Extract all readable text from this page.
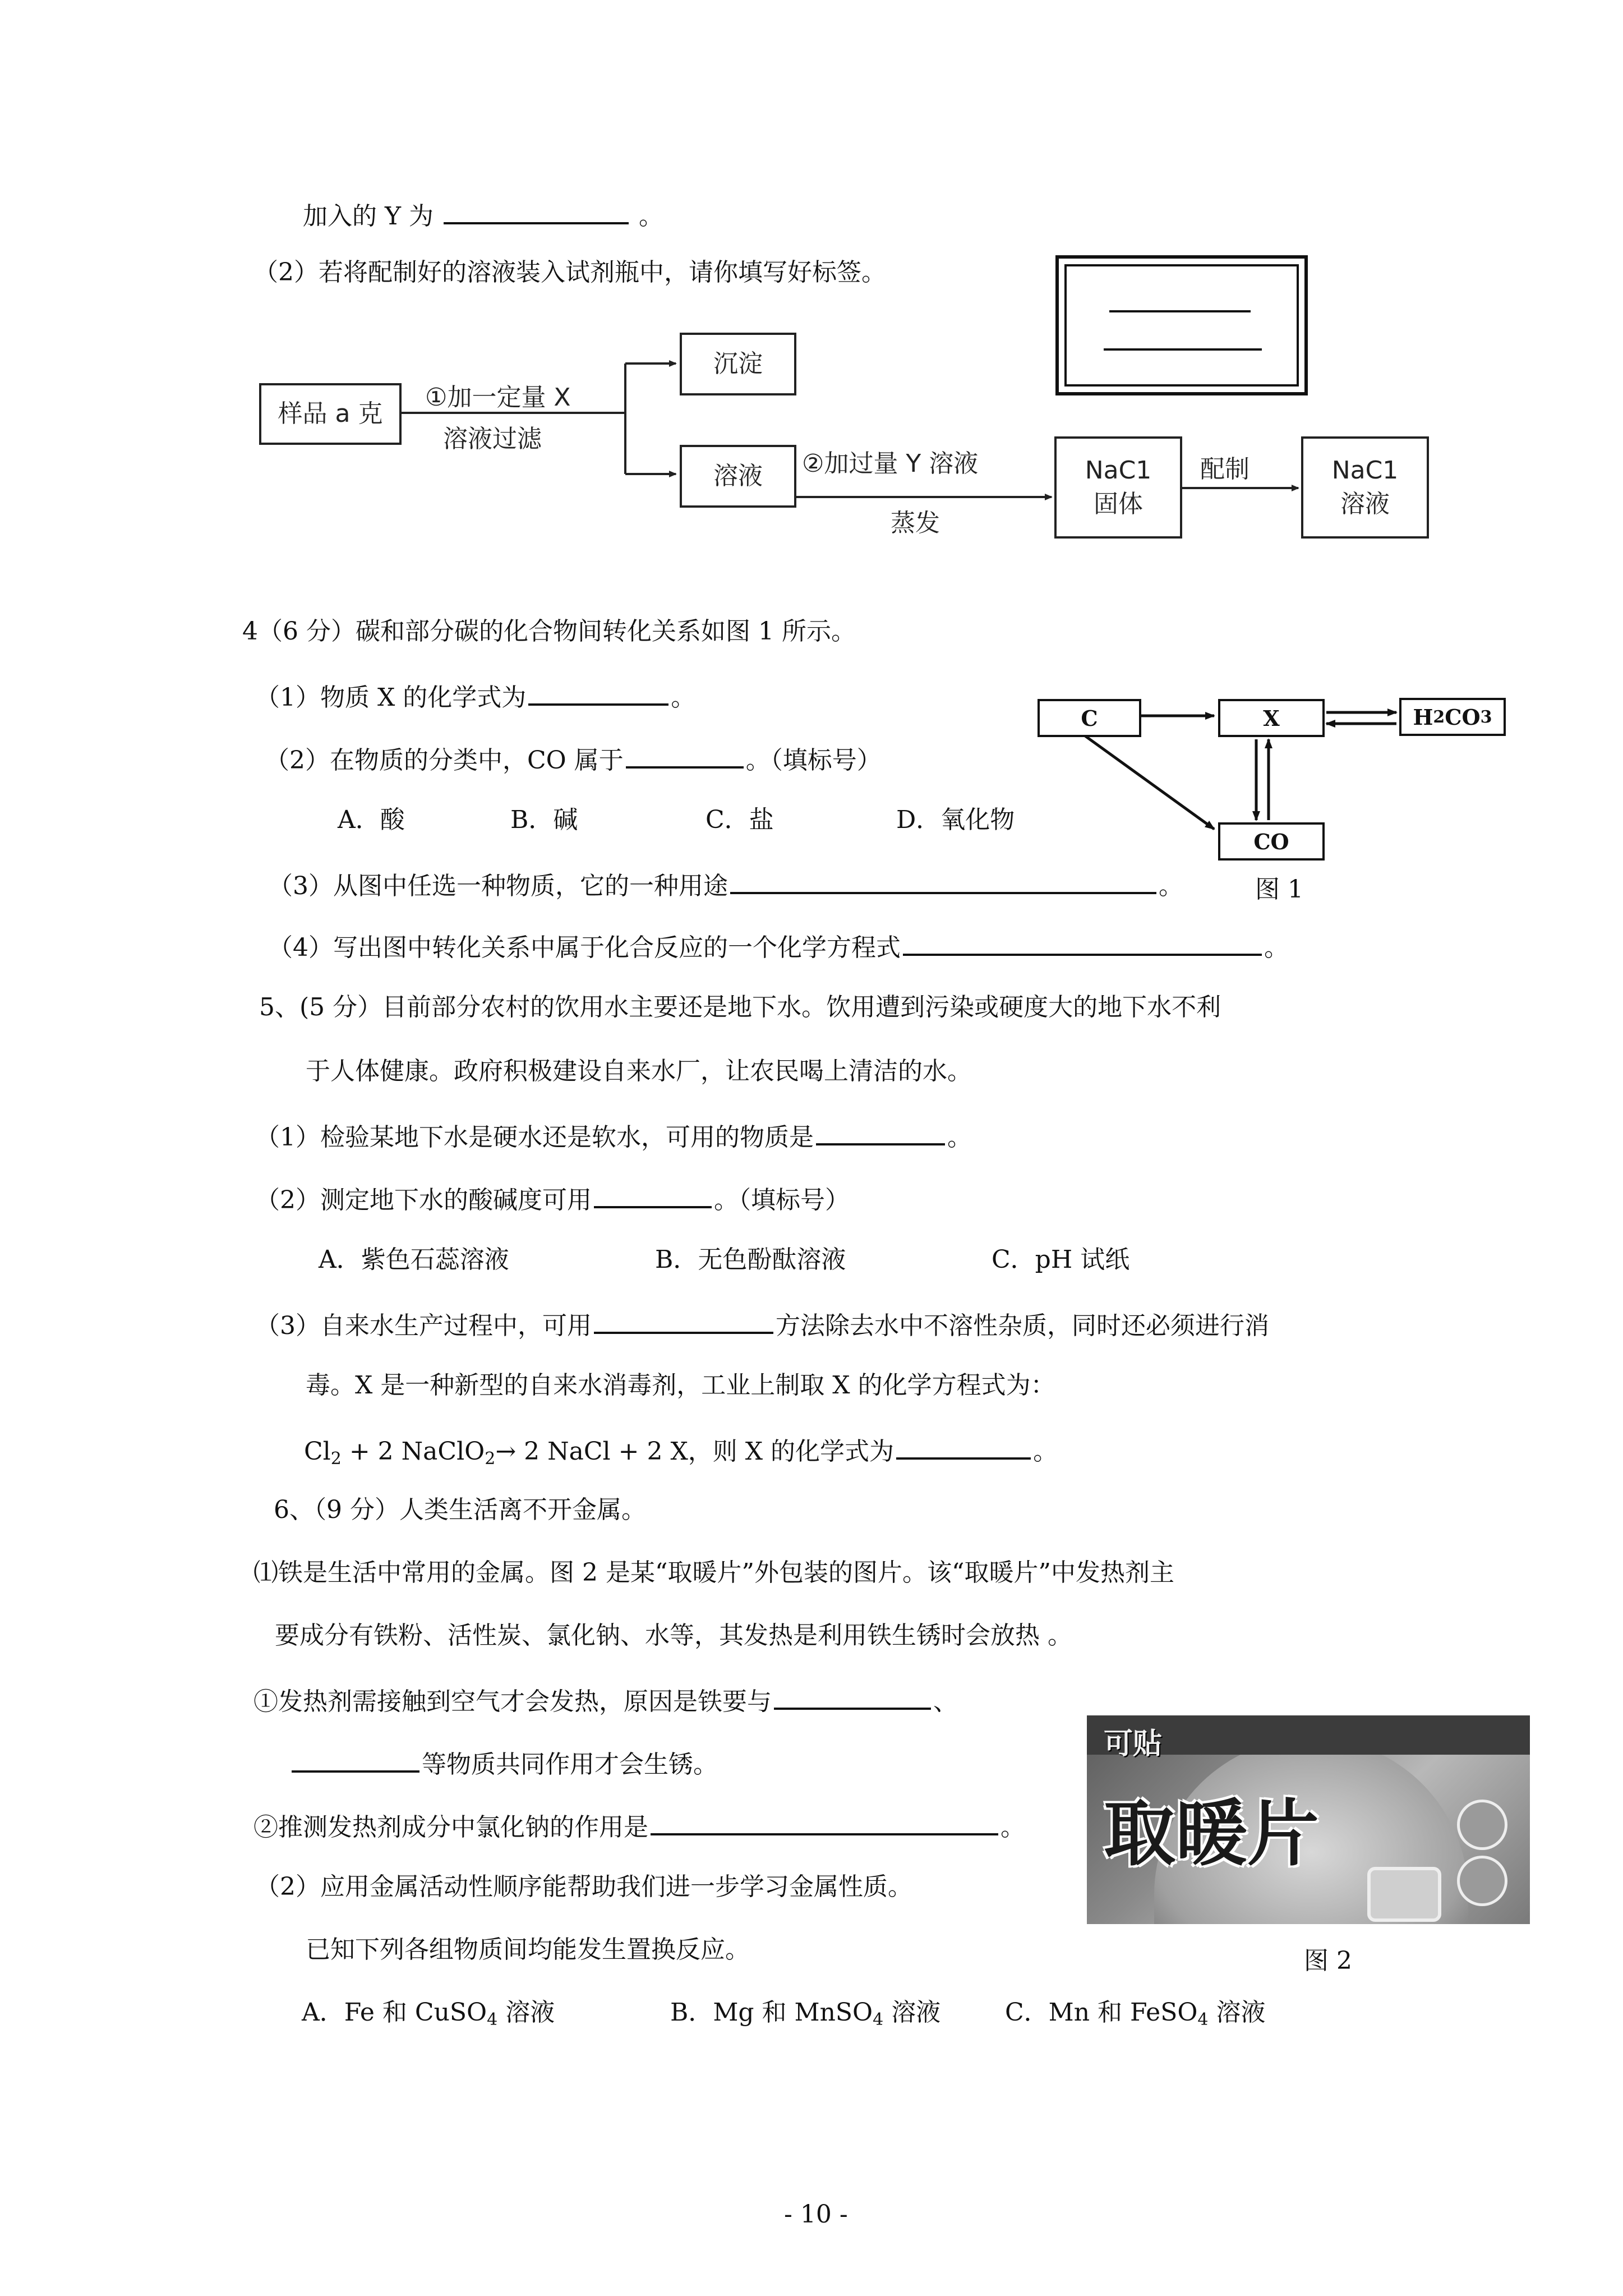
加入的 Y 为	。
（2）若将配制好的溶液装入试剂瓶中，请你填写好标签。
样品 a 克
①加一定量 X
溶液过滤
沉淀
溶液 ②加过量 Y 溶液
蒸发
NaC1
固体
配制	NaC1
溶液
4（6 分）碳和部分碳的化合物间转化关系如图 1 所示。
（1）物质 X 的化学式为	。
（2）在物质的分类中，CO 属于	。（填标号）
A．酸	B．碱	C．盐	D．氧化物
（3）从图中任选一种物质，它的一种用途	。	图 1
（4）写出图中转化关系中属于化合反应的一个化学方程式	。
C	X	H 2 CO 3
CO
5、(5 分）目前部分农村的饮用水主要还是地下水。饮用遭到污染或硬度大的地下水不利
于人体健康。政府积极建设自来水厂，让农民喝上清洁的水。
（1）检验某地下水是硬水还是软水，可用的物质是	。
（2）测定地下水的酸碱度可用	。（填标号）
A．紫色石蕊溶液	B．无色酚酞溶液	C．pH 试纸
（3）自来水生产过程中，可用	方法除去水中不溶性杂质，同时还必须进行消
毒。X 是一种新型的自来水消毒剂，工业上制取 X 的化学方程式为：
$Cl_2 + 2$ NaClO$_2$→ 2 NaCl + 2 X，则 X 的化学式为	。
6、（9 分）人类生活离不开金属。
⑴铁是生活中常用的金属。图 2 是某“取暖片”外包装的图片。该“取暖片”中发热剂主
要成分有铁粉、活性炭、氯化钠、水等，其发热是利用铁生锈时会放热 。
①发热剂需接触到空气才会发热，原因是铁要与	、
等物质共同作用才会生锈。
②推测发热剂成分中氯化钠的作用是	。
（2）应用金属活动性顺序能帮助我们进一步学习金属性质。
已知下列各组物质间均能发生置换反应。	图 2
A．Fe 和 CuSO$_4$ 溶液	B．Mg 和 MnSO$_4$ 溶液	C．Mn 和 FeSO$_4$ 溶液
可贴
取暖片
- 10 -
